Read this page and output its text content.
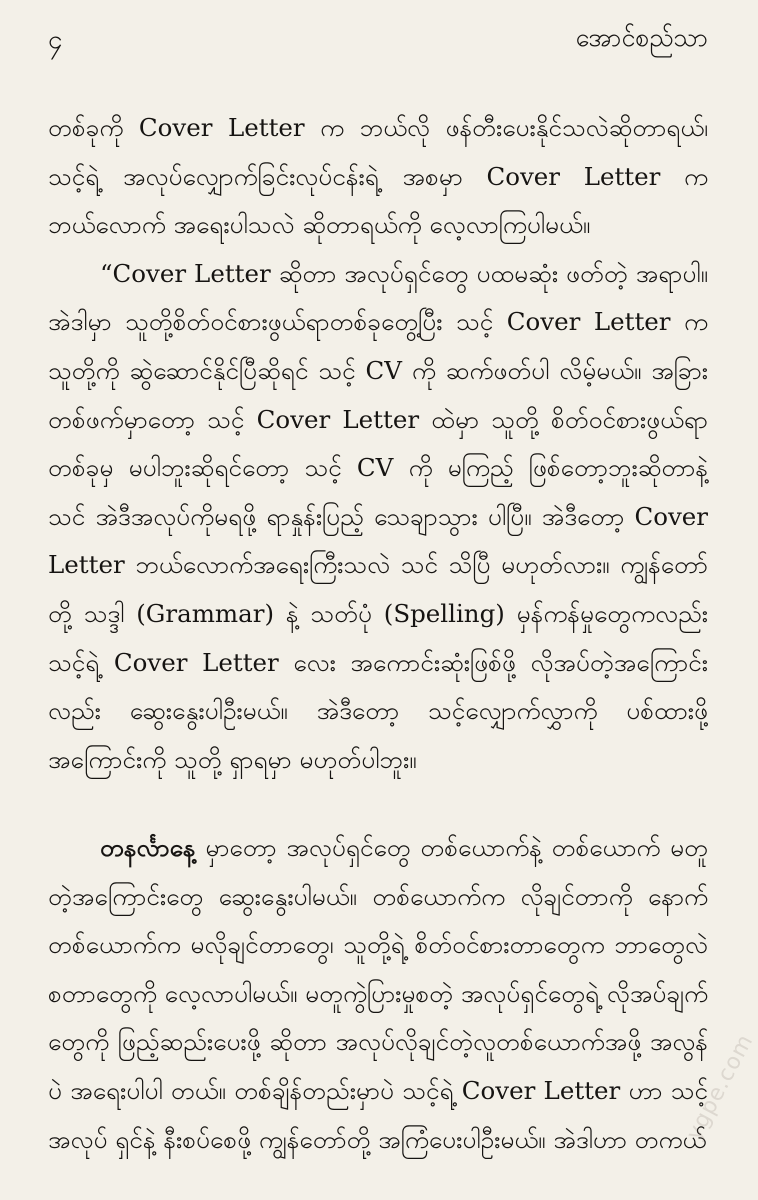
၄	အောင်စည်သာ

တစ်ခုကို Cover Letter က ဘယ်လို ဖန်တီးပေးနိုင်သလဲဆိုတာရယ်၊ သင့်ရဲ့ အလုပ်လျှောက်ခြင်းလုပ်ငန်းရဲ့ အစမှာ Cover Letter က ဘယ်လောက် အရေးပါသလဲ ဆိုတာရယ်ကို လေ့လာကြပါမယ်။

“Cover Letter ဆိုတာ အလုပ်ရှင်တွေ ပထမဆုံး ဖတ်တဲ့ အရာပါ။ အဲဒါမှာ သူတို့စိတ်ဝင်စားဖွယ်ရာတစ်ခုတွေ့ပြီး သင့် Cover Letter က သူတို့ကို ဆွဲဆောင်နိုင်ပြီဆိုရင် သင့် CV ကို ဆက်ဖတ်ပါ လိမ့်မယ်။ အခြားတစ်ဖက်မှာတော့ သင့် Cover Letter ထဲမှာ သူတို့ စိတ်ဝင်စားဖွယ်ရာတစ်ခုမှ မပါဘူးဆိုရင်တော့ သင့် CV ကို မကြည့် ဖြစ်တော့ဘူးဆိုတာနဲ့ သင် အဲဒီအလုပ်ကိုမရဖို့ ရာနှုန်းပြည့် သေချာသွား ပါပြီ။ အဲဒီတော့ Cover Letter ဘယ်လောက်အရေးကြီးသလဲ သင် သိပြီ မဟုတ်လား။ ကျွန်တော်တို့ သဒ္ဒါ (Grammar) နဲ့ သတ်ပုံ (Spelling) မှန်ကန်မှုတွေကလည်း သင့်ရဲ့ Cover Letter လေး အကောင်းဆုံးဖြစ်ဖို့ လိုအပ်တဲ့အကြောင်းလည်း ဆွေးနွေးပါဦးမယ်။ အဲဒီတော့ သင့်လျှောက်လွှာကို ပစ်ထားဖို့အကြောင်းကို သူတို့ ရှာရမှာ မဟုတ်ပါဘူး။

တနင်္လာနေ့ မှာတော့ အလုပ်ရှင်တွေ တစ်ယောက်နဲ့ တစ်ယောက် မတူတဲ့အကြောင်းတွေ ဆွေးနွေးပါမယ်။ တစ်ယောက်က လိုချင်တာကို နောက်တစ်ယောက်က မလိုချင်တာတွေ၊ သူတို့ရဲ့ စိတ်ဝင်စားတာတွေက ဘာတွေလဲ စတာတွေကို လေ့လာပါမယ်။ မတူကွဲပြားမှုစတဲ့ အလုပ်ရှင်တွေရဲ့ လိုအပ်ချက်တွေကို ဖြည့်ဆည်းပေးဖို့ ဆိုတာ အလုပ်လိုချင်တဲ့လူတစ်ယောက်အဖို့ အလွန်ပဲ အရေးပါပါ တယ်။ တစ်ချိန်တည်းမှာပဲ သင့်ရဲ့ Cover Letter ဟာ သင့် အလုပ် ရှင်နဲ့ နီးစပ်စေဖို့ ကျွန်တော်တို့ အကြံပေးပါဦးမယ်။ အဲဒါဟာ တကယ်

ygpe.com
